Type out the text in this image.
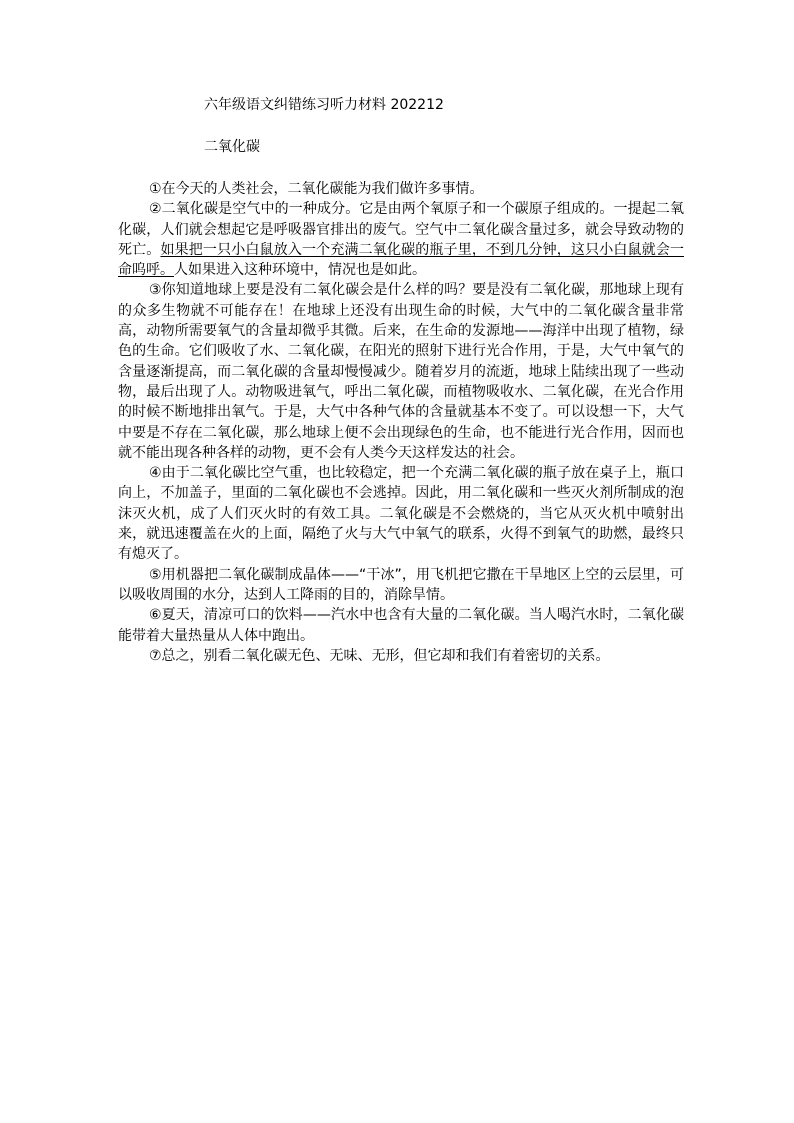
六年级语文纠错练习听力材料 202212
二氧化碳

①在今天的人类社会，二氧化碳能为我们做许多事情。

②二氧化碳是空气中的一种成分。它是由两个氧原子和一个碳原子组成的。一提起二氧化碳，人们就会想起它是呼吸器官排出的废气。空气中二氧化碳含量过多，就会导致动物的死亡。如果把一只小白鼠放入一个充满二氧化碳的瓶子里，不到几分钟，这只小白鼠就会一命呜呼。人如果进入这种环境中，情况也是如此。

③你知道地球上要是没有二氧化碳会是什么样的吗？要是没有二氧化碳，那地球上现有的众多生物就不可能存在！在地球上还没有出现生命的时候，大气中的二氧化碳含量非常高，动物所需要氧气的含量却微乎其微。后来，在生命的发源地——海洋中出现了植物，绿色的生命。它们吸收了水、二氧化碳，在阳光的照射下进行光合作用，于是，大气中氧气的含量逐渐提高，而二氧化碳的含量却慢慢减少。随着岁月的流逝，地球上陆续出现了一些动物，最后出现了人。动物吸进氧气，呼出二氧化碳，而植物吸收水、二氧化碳，在光合作用的时候不断地排出氧气。于是，大气中各种气体的含量就基本不变了。可以设想一下，大气中要是不存在二氧化碳，那么地球上便不会出现绿色的生命，也不能进行光合作用，因而也就不能出现各种各样的动物，更不会有人类今天这样发达的社会。

④由于二氧化碳比空气重，也比较稳定，把一个充满二氧化碳的瓶子放在桌子上，瓶口向上，不加盖子，里面的二氧化碳也不会逃掉。因此，用二氧化碳和一些灭火剂所制成的泡沫灭火机，成了人们灭火时的有效工具。二氧化碳是不会燃烧的，当它从灭火机中喷射出来，就迅速覆盖在火的上面，隔绝了火与大气中氧气的联系，火得不到氧气的助燃，最终只有熄灭了。

⑤用机器把二氧化碳制成晶体——“干冰”，用飞机把它撒在干旱地区上空的云层里，可以吸收周围的水分，达到人工降雨的目的，消除旱情。

⑥夏天，清凉可口的饮料——汽水中也含有大量的二氧化碳。当人喝汽水时，二氧化碳能带着大量热量从人体中跑出。

⑦总之，别看二氧化碳无色、无味、无形，但它却和我们有着密切的关系。
